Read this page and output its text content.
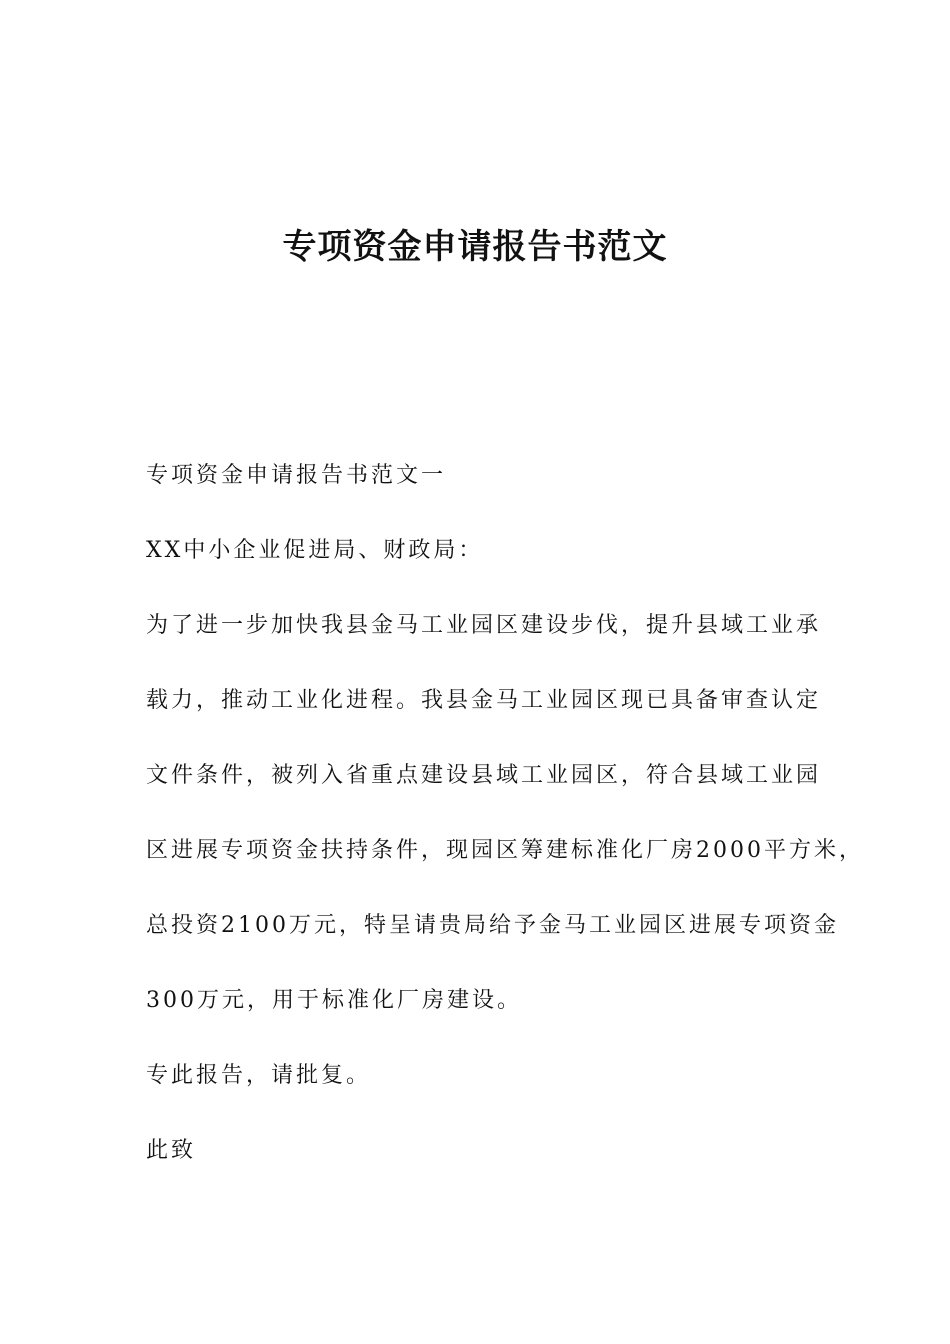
专项资金申请报告书范文
专项资金申请报告书范文一
XX中小企业促进局、财政局：
为了进一步加快我县金马工业园区建设步伐，提升县域工业承
载力，推动工业化进程。我县金马工业园区现已具备审查认定
文件条件，被列入省重点建设县域工业园区，符合县域工业园
区进展专项资金扶持条件，现园区筹建标准化厂房2000平方米，
总投资2100万元，特呈请贵局给予金马工业园区进展专项资金
300万元，用于标准化厂房建设。
专此报告，请批复。
此致
